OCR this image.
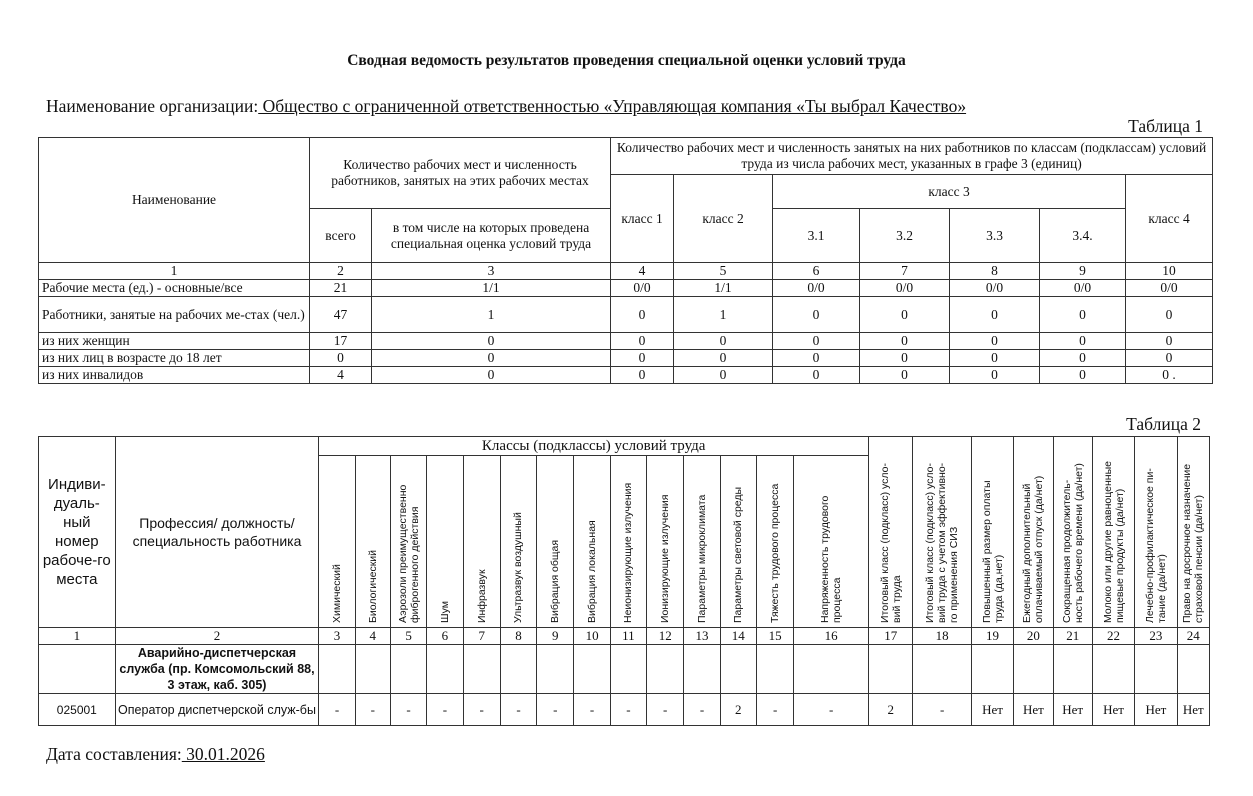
Сводная ведомость результатов проведения специальной оценки условий труда
Наименование организации: Общество с ограниченной ответственностью «Управляющая компания «Ты выбрал Качество»
Таблица 1
Наименование	Количество рабочих мест и численность работников, занятых на этих рабочих местах		Количество рабочих мест и численность занятых на них работников по классам (подклассам) условий труда из числа рабочих мест, указанных в графе 3 (единиц)						
			класс 1	класс 2	класс 3				класс 4
	всего	в том числе на которых проведена специальная оценка условий труда			3.1	3.2	3.3	3.4.	
1	2	3	4	5	6	7	8	9	10
Рабочие места (ед.) - основные/все	21	1/1	0/0	1/1	0/0	0/0	0/0	0/0	0/0
Работники, занятые на рабочих ме-стах (чел.)	47	1	0	1	0	0	0	0	0
из них женщин	17	0	0	0	0	0	0	0	0
из них лиц в возрасте до 18 лет	0	0	0	0	0	0	0	0	0
из них инвалидов	4	0	0	0	0	0	0	0	0 .
Таблица 2
Индиви-дуаль-ный номер рабоче-го места	Профессия/ должность/ специальность работника	Классы (подклассы) условий труда														Итоговый класс (подкласс) усло-вий труда	Итоговый класс (подкласс) усло-вий труда с учетом эффективно-го применения СИЗ	Повышенный размер оплаты труда (да,нет)	Ежегодный дополнительный оплачиваемый отпуск (да/нет)	Сокращенная продолжитель-ность рабочего времени (да/нет)	Молоко или другие равноценные пищевые продукты (да/нет)	Лечебно-профилактическое пи-тание (да/нет)	Право на досрочное назначение страховой пенсии (да/нет)

		Химический	Биологический	Аэрозоли преимущественно фиброгенного действия	Шум	Инфразвук	Ультразвук воздушный	Вибрация общая	Вибрация локальная	Неионизирующие излучения	Ионизирующие излучения	Параметры микроклимата	Параметры световой среды	Тяжесть трудового процесса	Напряженность трудового процесса								

1	2	3	4	5	6	7	8	9	10	11	12	13	14	15	16	17	18	19	20	21	22	23	24
	Аварийно-диспетчерская служба (пр. Комсомольский 88, 3 этаж, каб. 305)																						
025001	Оператор диспетчерской служ-бы	-	-	-	-	-	-	-	-	-	-	-	2	-	-	2	-	Нет	Нет	Нет	Нет	Нет	Нет
Дата составления: 30.01.2026
